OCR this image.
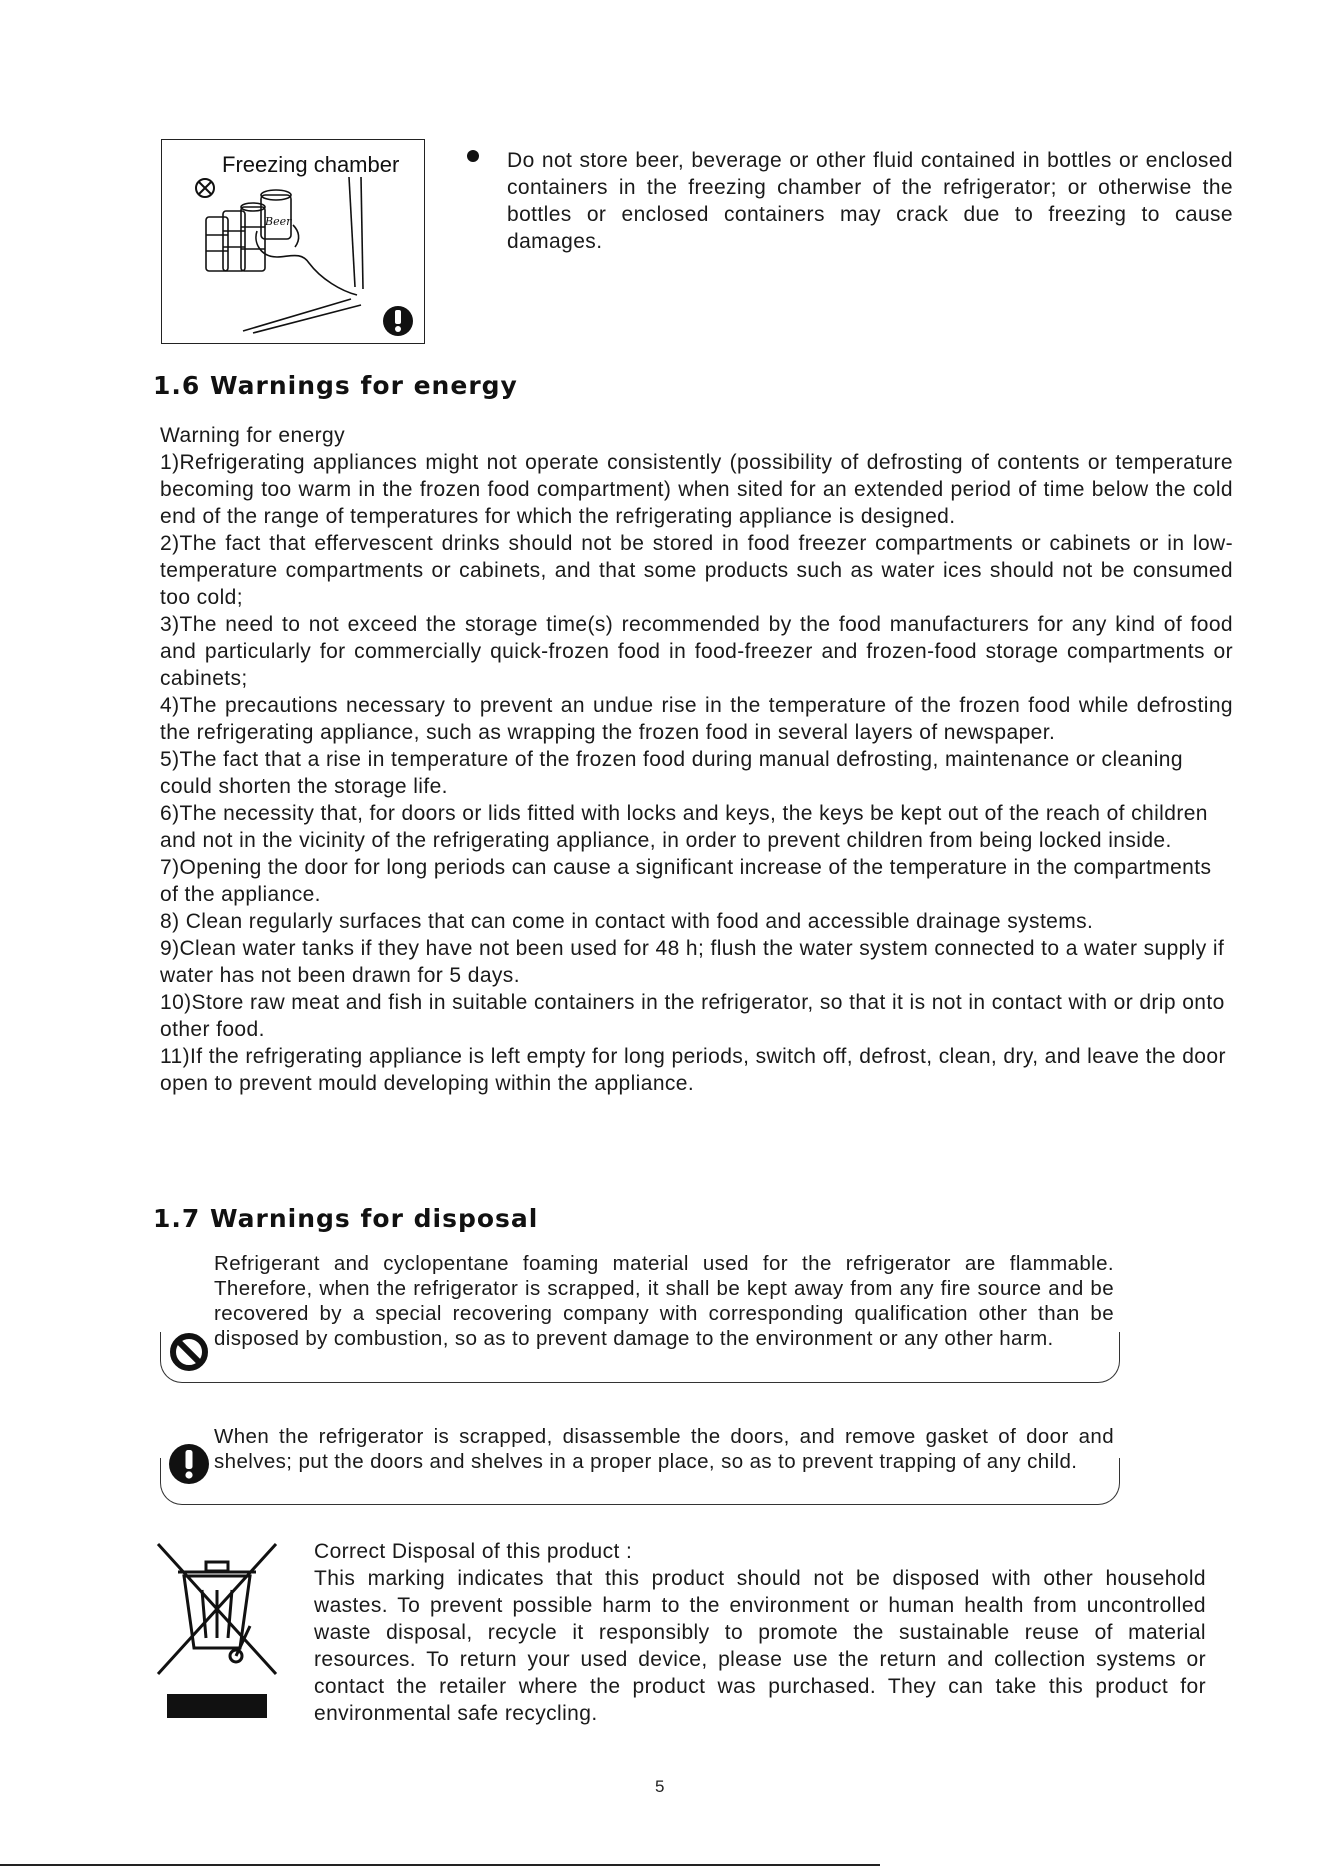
Beer
Freezing chamber	Do not store beer, beverage or other fluid contained in bottles or enclosed containers in the freezing chamber of the refrigerator; or otherwise the bottles or enclosed containers may crack due to freezing to cause damages.
1.6 Warnings for energy
Warning for energy
1)Refrigerating appliances might not operate consistently (possibility of defrosting of contents or temperature becoming too warm in the frozen food compartment) when sited for an extended period of time below the cold end of the range of temperatures for which the refrigerating appliance is designed.
2)The fact that effervescent drinks should not be stored in food freezer compartments or cabinets or in low-temperature compartments or cabinets, and that some products such as water ices should not be consumed too cold;
3)The need to not exceed the storage time(s) recommended by the food manufacturers for any kind of food and particularly for commercially quick-frozen food in food-freezer and frozen-food storage compartments or cabinets;
4)The precautions necessary to prevent an undue rise in the temperature of the frozen food while defrosting the refrigerating appliance, such as wrapping the frozen food in several layers of newspaper.
5)The fact that a rise in temperature of the frozen food during manual defrosting, maintenance or cleaning could shorten the storage life.
6)The necessity that, for doors or lids fitted with locks and keys, the keys be kept out of the reach of children and not in the vicinity of the refrigerating appliance, in order to prevent children from being locked inside.
7)Opening the door for long periods can cause a significant increase of the temperature in the compartments of the appliance.
8) Clean regularly surfaces that can come in contact with food and accessible drainage systems.
9)Clean water tanks if they have not been used for 48 h; flush the water system connected to a water supply if water has not been drawn for 5 days.
10)Store raw meat and fish in suitable containers in the refrigerator, so that it is not in contact with or drip onto other food.
11)If the refrigerating appliance is left empty for long periods, switch off, defrost, clean, dry, and leave the door open to prevent mould developing within the appliance.
1.7 Warnings for disposal
Refrigerant and cyclopentane foaming material used for the refrigerator are flammable. Therefore, when the refrigerator is scrapped, it shall be kept away from any fire source and be recovered by a special recovering company with corresponding qualification other than be disposed by combustion, so as to prevent damage to the environment or any other harm.
When the refrigerator is scrapped, disassemble the doors, and remove gasket of door and shelves; put the doors and shelves in a proper place, so as to prevent trapping of any child.
Correct Disposal of this product :
This marking indicates that this product should not be disposed with other household wastes. To prevent possible harm to the environment or human health from uncontrolled waste disposal, recycle it responsibly to promote the sustainable reuse of material resources. To return your used device, please use the return and collection systems or contact the retailer where the product was purchased. They can take this product for environmental safe recycling.
5
